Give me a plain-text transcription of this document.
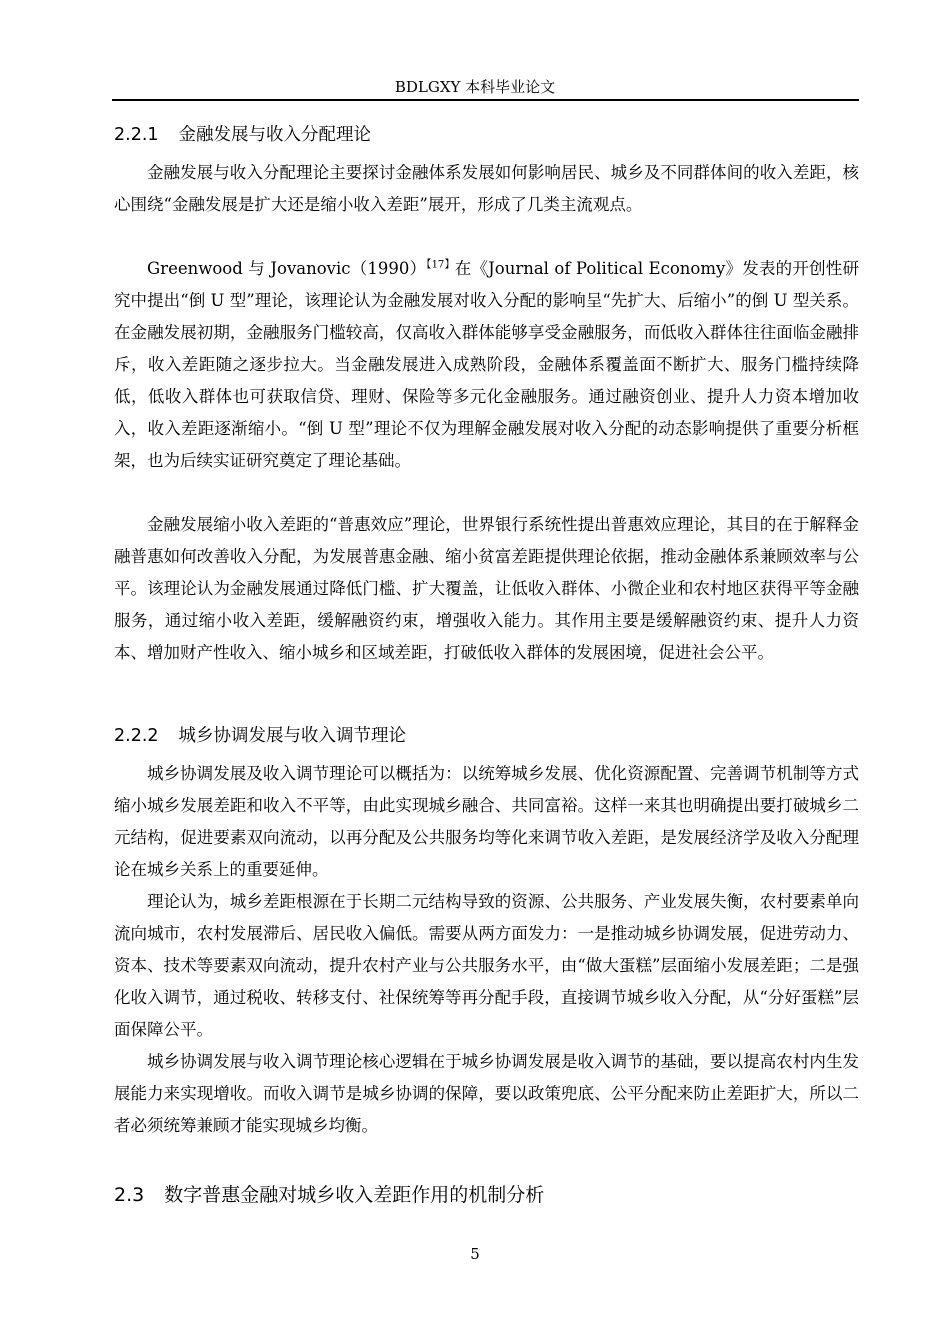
BDLGXY 本科毕业论文
2.2.1 金融发展与收入分配理论

金融发展与收入分配理论主要探讨金融体系发展如何影响居民、城乡及不同群体间的收入差距，核心围绕“金融发展是扩大还是缩小收入差距”展开，形成了几类主流观点。

Greenwood 与 $Jovanovic(1990)^{【17】}$在《Journal of Political Economy》发表的开创性研究中提出“倒 U 型”理论，该理论认为金融发展对收入分配的影响呈“先扩大、后缩小”的倒 U 型关系。在金融发展初期，金融服务门槛较高，仅高收入群体能够享受金融服务，而低收入群体往往面临金融排斥，收入差距随之逐步拉大。当金融发展进入成熟阶段，金融体系覆盖面不断扩大、服务门槛持续降低，低收入群体也可获取信贷、理财、保险等多元化金融服务。通过融资创业、提升人力资本增加收入，收入差距逐渐缩小。“倒 U 型”理论不仅为理解金融发展对收入分配的动态影响提供了重要分析框架，也为后续实证研究奠定了理论基础。

金融发展缩小收入差距的“普惠效应”理论，世界银行系统性提出普惠效应理论，其目的在于解释金融普惠如何改善收入分配，为发展普惠金融、缩小贫富差距提供理论依据，推动金融体系兼顾效率与公平。该理论认为金融发展通过降低门槛、扩大覆盖，让低收入群体、小微企业和农村地区获得平等金融服务，通过缩小收入差距，缓解融资约束，增强收入能力。其作用主要是缓解融资约束、提升人力资本、增加财产性收入、缩小城乡和区域差距，打破低收入群体的发展困境，促进社会公平。

2.2.2 城乡协调发展与收入调节理论

城乡协调发展及收入调节理论可以概括为：以统筹城乡发展、优化资源配置、完善调节机制等方式缩小城乡发展差距和收入不平等，由此实现城乡融合、共同富裕。这样一来其也明确提出要打破城乡二元结构，促进要素双向流动，以再分配及公共服务均等化来调节收入差距，是发展经济学及收入分配理论在城乡关系上的重要延伸。

理论认为，城乡差距根源在于长期二元结构导致的资源、公共服务、产业发展失衡，农村要素单向流向城市，农村发展滞后、居民收入偏低。需要从两方面发力：一是推动城乡协调发展，促进劳动力、资本、技术等要素双向流动，提升农村产业与公共服务水平，由“做大蛋糕”层面缩小发展差距；二是强化收入调节，通过税收、转移支付、社保统筹等再分配手段，直接调节城乡收入分配，从“分好蛋糕”层面保障公平。

城乡协调发展与收入调节理论核心逻辑在于城乡协调发展是收入调节的基础，要以提高农村内生发展能力来实现增收。而收入调节是城乡协调的保障，要以政策兜底、公平分配来防止差距扩大，所以二者必须统筹兼顾才能实现城乡均衡。

2.3 数字普惠金融对城乡收入差距作用的机制分析
5
